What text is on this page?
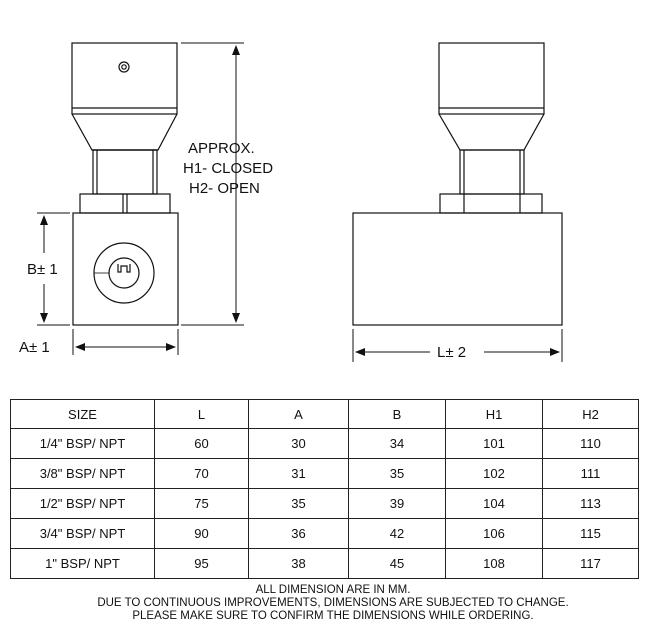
APPROX.
H1- CLOSED
H2- OPEN
B± 1
A± 1	L± 2
SIZE	L	A	B	H1	H2
1/4" BSP/ NPT	60	30	34	101	110
3/8" BSP/ NPT	70	31	35	102	111
1/2" BSP/ NPT	75	35	39	104	113
3/4" BSP/ NPT	90	36	42	106	115
1" BSP/ NPT	95	38	45	108	117
ALL DIMENSION ARE IN MM.
DUE TO CONTINUOUS IMPROVEMENTS, DIMENSIONS ARE SUBJECTED TO CHANGE.
PLEASE MAKE SURE TO CONFIRM THE DIMENSIONS WHILE ORDERING.
